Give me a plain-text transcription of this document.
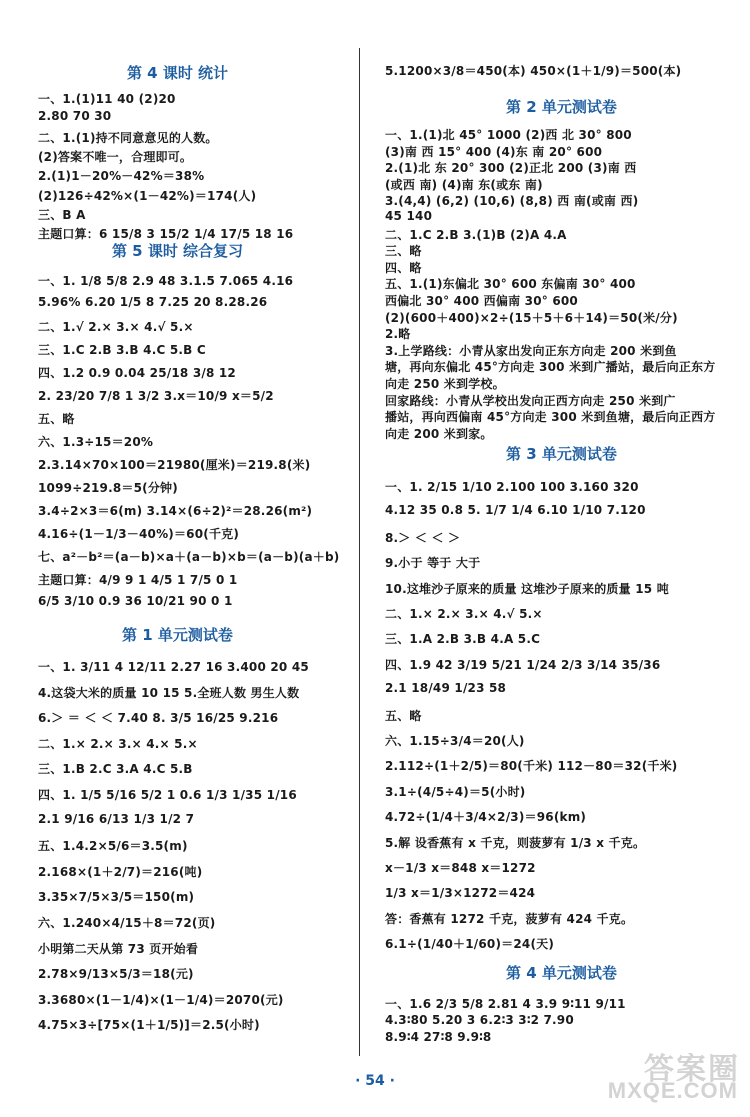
第 4 课时 统计
一、1.(1)11 40 (2)20
2.80 70 30
二、1.(1)持不同意意见的人数。
(2)答案不唯一，合理即可。
2.(1)1－20%－42%＝38%
(2)126÷42%×(1－42%)＝174(人)
三、B A
主题口算：6 15/8 3 15/2 1/4 17/5 18 16
第 5 课时 综合复习
一、1. 1/8 5/8 2.9 48 3.1.5 7.065 4.16
5.96% 6.20 1/5 8 7.25 20 8.28.26
二、1.√ 2.× 3.× 4.√ 5.×
三、1.C 2.B 3.B 4.C 5.B C
四、1.2 0.9 0.04 25/18 3/8 12
2. 23/20 7/8 1 3/2 3.x＝10/9 x＝5/2
五、略
六、1.3÷15＝20%
2.3.14×70×100＝21980(厘米)＝219.8(米)
1099÷219.8＝5(分钟)
3.4÷2×3＝6(m) 3.14×(6÷2)²＝28.26(m²)
4.16÷(1－1/3－40%)＝60(千克)
七、a²－b²＝(a－b)×a＋(a－b)×b＝(a－b)(a＋b)
主题口算：4/9 9 1 4/5 1 7/5 0 1
6/5 3/10 0.9 36 10/21 90 0 1
第 1 单元测试卷
一、1. 3/11 4 12/11 2.27 16 3.400 20 45
4.这袋大米的质量 10 15 5.全班人数 男生人数
6.＞ ＝ ＜ ＜ 7.40 8. 3/5 16/25 9.216
二、1.× 2.× 3.× 4.× 5.×
三、1.B 2.C 3.A 4.C 5.B
四、1. 1/5 5/16 5/2 1 0.6 1/3 1/35 1/16
2.1 9/16 6/13 1/3 1/2 7
五、1.4.2×5/6＝3.5(m)
2.168×(1＋2/7)＝216(吨)
3.35×7/5×3/5＝150(m)
六、1.240×4/15＋8＝72(页)
小明第二天从第 73 页开始看
2.78×9/13×5/3＝18(元)
3.3680×(1－1/4)×(1－1/4)＝2070(元)
4.75×3÷[75×(1＋1/5)]＝2.5(小时)
5.1200×3/8＝450(本) 450×(1＋1/9)＝500(本)
第 2 单元测试卷
一、1.(1)北 45° 1000 (2)西 北 30° 800
(3)南 西 15° 400 (4)东 南 20° 600
2.(1)北 东 20° 300 (2)正北 200 (3)南 西
(或西 南) (4)南 东(或东 南)
3.(4,4) (6,2) (10,6) (8,8) 西 南(或南 西)
45 140
二、1.C 2.B 3.(1)B (2)A 4.A
三、略
四、略
五、1.(1)东偏北 30° 600 东偏南 30° 400
西偏北 30° 400 西偏南 30° 600
(2)(600＋400)×2÷(15＋5＋6＋14)＝50(米/分)
2.略
3.上学路线：小青从家出发向正东方向走 200 米到鱼
塘，再向东偏北 45°方向走 300 米到广播站，最后向正东方
向走 250 米到学校。
回家路线：小青从学校出发向正西方向走 250 米到广
播站，再向西偏南 45°方向走 300 米到鱼塘，最后向正西方
向走 200 米到家。
第 3 单元测试卷
一、1. 2/15 1/10 2.100 100 3.160 320
4.12 35 0.8 5. 1/7 1/4 6.10 1/10 7.120
8.＞ ＜ ＜ ＞
9.小于 等于 大于
10.这堆沙子原来的质量 这堆沙子原来的质量 15 吨
二、1.× 2.× 3.× 4.√ 5.×
三、1.A 2.B 3.B 4.A 5.C
四、1.9 42 3/19 5/21 1/24 2/3 3/14 35/36
2.1 18/49 1/23 58
五、略
六、1.15÷3/4＝20(人)
2.112÷(1＋2/5)＝80(千米) 112－80＝32(千米)
3.1÷(4/5÷4)＝5(小时)
4.72÷(1/4＋3/4×2/3)＝96(km)
5.解 设香蕉有 x 千克，则菠萝有 1/3 x 千克。
x－1/3 x＝848 x＝1272
1/3 x＝1/3×1272＝424
答：香蕉有 1272 千克，菠萝有 424 千克。
6.1÷(1/40＋1/60)＝24(天)
第 4 单元测试卷
一、1.6 2/3 5/8 2.81 4 3.9 9∶11 9/11
4.3∶80 5.20 3 6.2∶3 3∶2 7.90
8.9∶4 27∶8 9.9∶8
· 54 ·	答案圈
MXQE.COM
